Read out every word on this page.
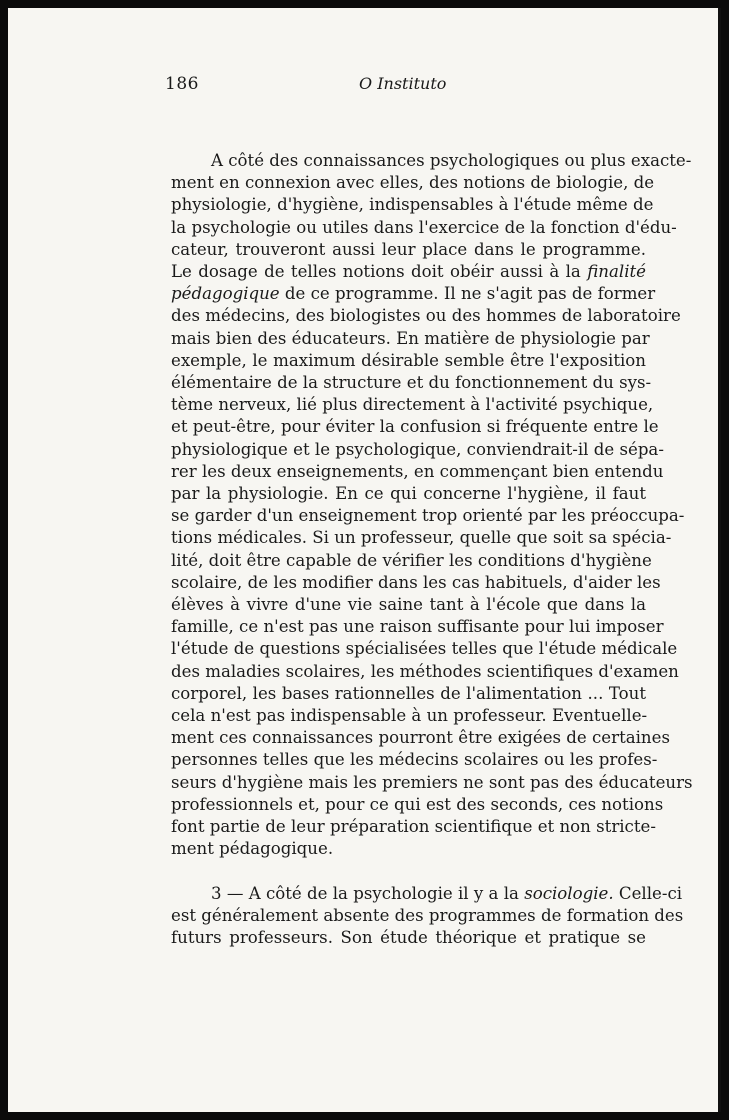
186	O Instituto
A côté des connaissances psychologiques ou plus exacte-
ment en connexion avec elles, des notions de biologie, de
physiologie, d'hygiène, indispensables à l'étude même de
la psychologie ou utiles dans l'exercice de la fonction d'édu-
cateur, trouveront aussi leur place dans le programme.
Le dosage de telles notions doit obéir aussi à la finalité
pédagogique de ce programme. Il ne s'agit pas de former
des médecins, des biologistes ou des hommes de laboratoire
mais bien des éducateurs. En matière de physiologie par
exemple, le maximum désirable semble être l'exposition
élémentaire de la structure et du fonctionnement du sys-
tème nerveux, lié plus directement à l'activité psychique,
et peut-être, pour éviter la confusion si fréquente entre le
physiologique et le psychologique, conviendrait-il de sépa-
rer les deux enseignements, en commençant bien entendu
par la physiologie. En ce qui concerne l'hygiène, il faut
se garder d'un enseignement trop orienté par les préoccupa-
tions médicales. Si un professeur, quelle que soit sa spécia-
lité, doit être capable de vérifier les conditions d'hygiène
scolaire, de les modifier dans les cas habituels, d'aider les
élèves à vivre d'une vie saine tant à l'école que dans la
famille, ce n'est pas une raison suffisante pour lui imposer
l'étude de questions spécialisées telles que l'étude médicale
des maladies scolaires, les méthodes scientifiques d'examen
corporel, les bases rationnelles de l'alimentation ... Tout
cela n'est pas indispensable à un professeur. Eventuelle-
ment ces connaissances pourront être exigées de certaines
personnes telles que les médecins scolaires ou les profes-
seurs d'hygiène mais les premiers ne sont pas des éducateurs
professionnels et, pour ce qui est des seconds, ces notions
font partie de leur préparation scientifique et non stricte-
ment pédagogique.
3 — A côté de la psychologie il y a la sociologie. Celle-ci
est généralement absente des programmes de formation des
futurs professeurs. Son étude théorique et pratique se
